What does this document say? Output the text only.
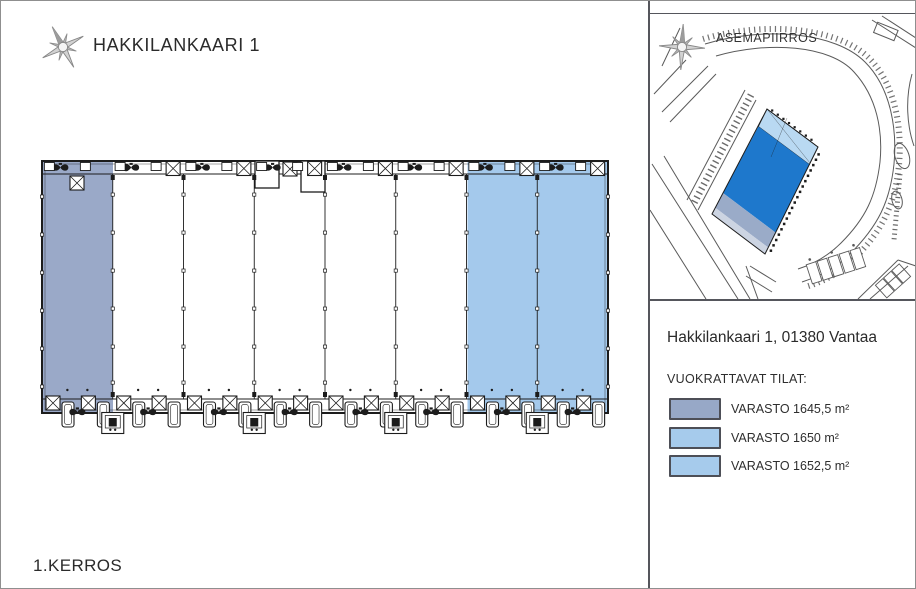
HAKKILANKAARI 1
1.KERROS
ASEMAPIIRROS
Hakkilankaari 1, 01380 Vantaa
VUOKRATTAVAT TILAT:
VARASTO 1645,5 m²
VARASTO 1650 m²
VARASTO 1652,5 m²
